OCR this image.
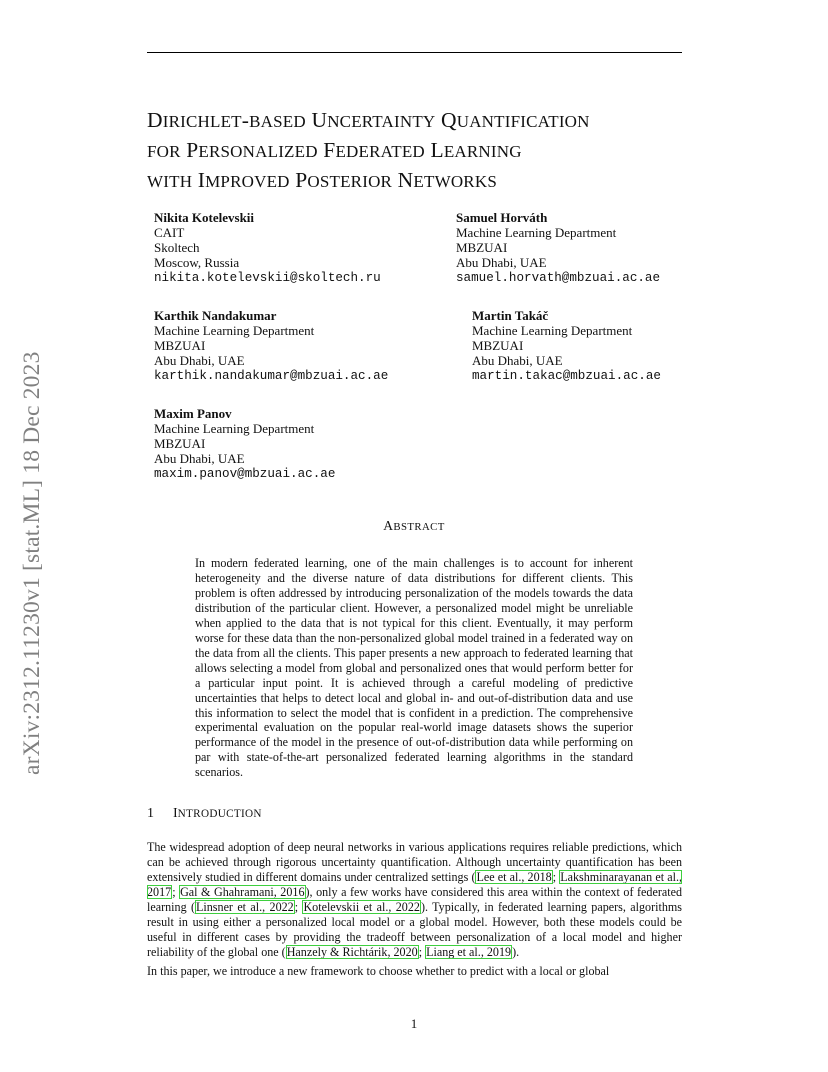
arXiv:2312.11230v1 [stat.ML] 18 Dec 2023
DIRICHLET-BASED UNCERTAINTY QUANTIFICATION
FOR PERSONALIZED FEDERATED LEARNING
WITH IMPROVED POSTERIOR NETWORKS
Nikita Kotelevskii
CAIT
Skoltech
Moscow, Russia
nikita.kotelevskii@skoltech.ru
Samuel Horváth
Machine Learning Department
MBZUAI
Abu Dhabi, UAE
samuel.horvath@mbzuai.ac.ae
Karthik Nandakumar
Machine Learning Department
MBZUAI
Abu Dhabi, UAE
karthik.nandakumar@mbzuai.ac.ae
Martin Takáč
Machine Learning Department
MBZUAI
Abu Dhabi, UAE
martin.takac@mbzuai.ac.ae
Maxim Panov
Machine Learning Department
MBZUAI
Abu Dhabi, UAE
maxim.panov@mbzuai.ac.ae
ABSTRACT
In modern federated learning, one of the main challenges is to account for inherent heterogeneity and the diverse nature of data distributions for different clients. This problem is often addressed by introducing personalization of the models towards the data distribution of the particular client. However, a personalized model might be unreliable when applied to the data that is not typical for this client. Eventually, it may perform worse for these data than the non-personalized global model trained in a federated way on the data from all the clients. This paper presents a new approach to federated learning that allows selecting a model from global and personalized ones that would perform better for a particular input point. It is achieved through a careful modeling of predictive uncertainties that helps to detect local and global in- and out-of-distribution data and use this information to select the model that is confident in a prediction. The comprehensive experimental evaluation on the popular real-world image datasets shows the superior performance of the model in the presence of out-of-distribution data while performing on par with state-of-the-art personalized federated learning algorithms in the standard scenarios.
1 INTRODUCTION

The widespread adoption of deep neural networks in various applications requires reliable predictions, which can be achieved through rigorous uncertainty quantification. Although uncertainty quantification has been extensively studied in different domains under centralized settings (Lee et al., 2018; Lakshminarayanan et al., 2017; Gal & Ghahramani, 2016), only a few works have considered this area within the context of federated learning (Linsner et al., 2022; Kotelevskii et al., 2022). Typically, in federated learning papers, algorithms result in using either a personalized local model or a global model. However, both these models could be useful in different cases by providing the tradeoff between personalization of a local model and higher reliability of the global one (Hanzely & Richtárik, 2020; Liang et al., 2019).

In this paper, we introduce a new framework to choose whether to predict with a local or global

1
